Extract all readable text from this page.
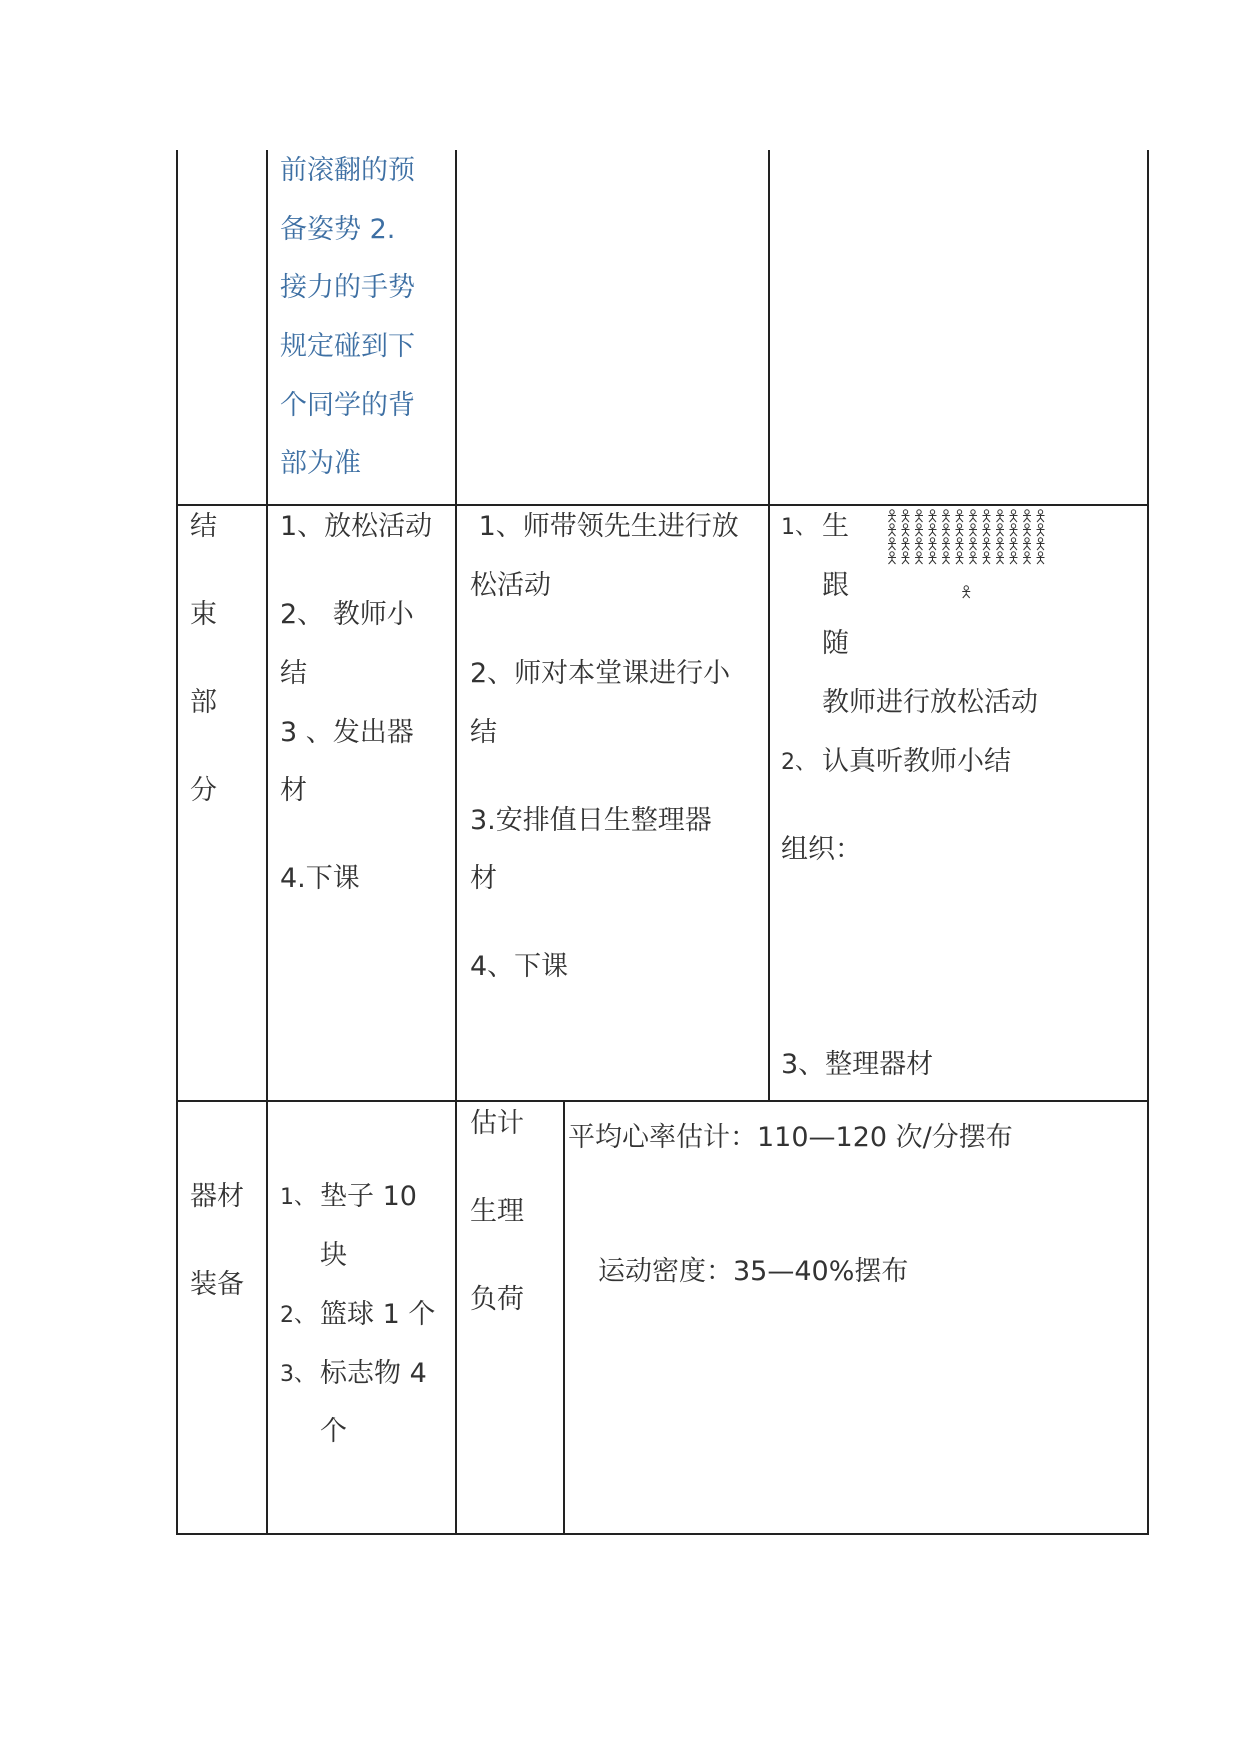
前滚翻的预
备姿势 2.
接力的手势
规定碰到下
个同学的背
部为准
结
束
部
分
1、放松活动
2、 教师小
结
3 、发出器
材
4.下课
1、师带领先生进行放
松活动
2、师对本堂课进行小
结
3.安排值日生整理器
材
4、下课
1、 生
跟
随
教师进行放松活动
2、 认真听教师小结
组织：
3、整理器材
器材
装备
1、 垫子 10
块
2、 篮球 1 个
3、 标志物 4
个
估计
生理
负荷
平均心率估计：110—120 次/分摆布
运动密度：35—40%摆布
